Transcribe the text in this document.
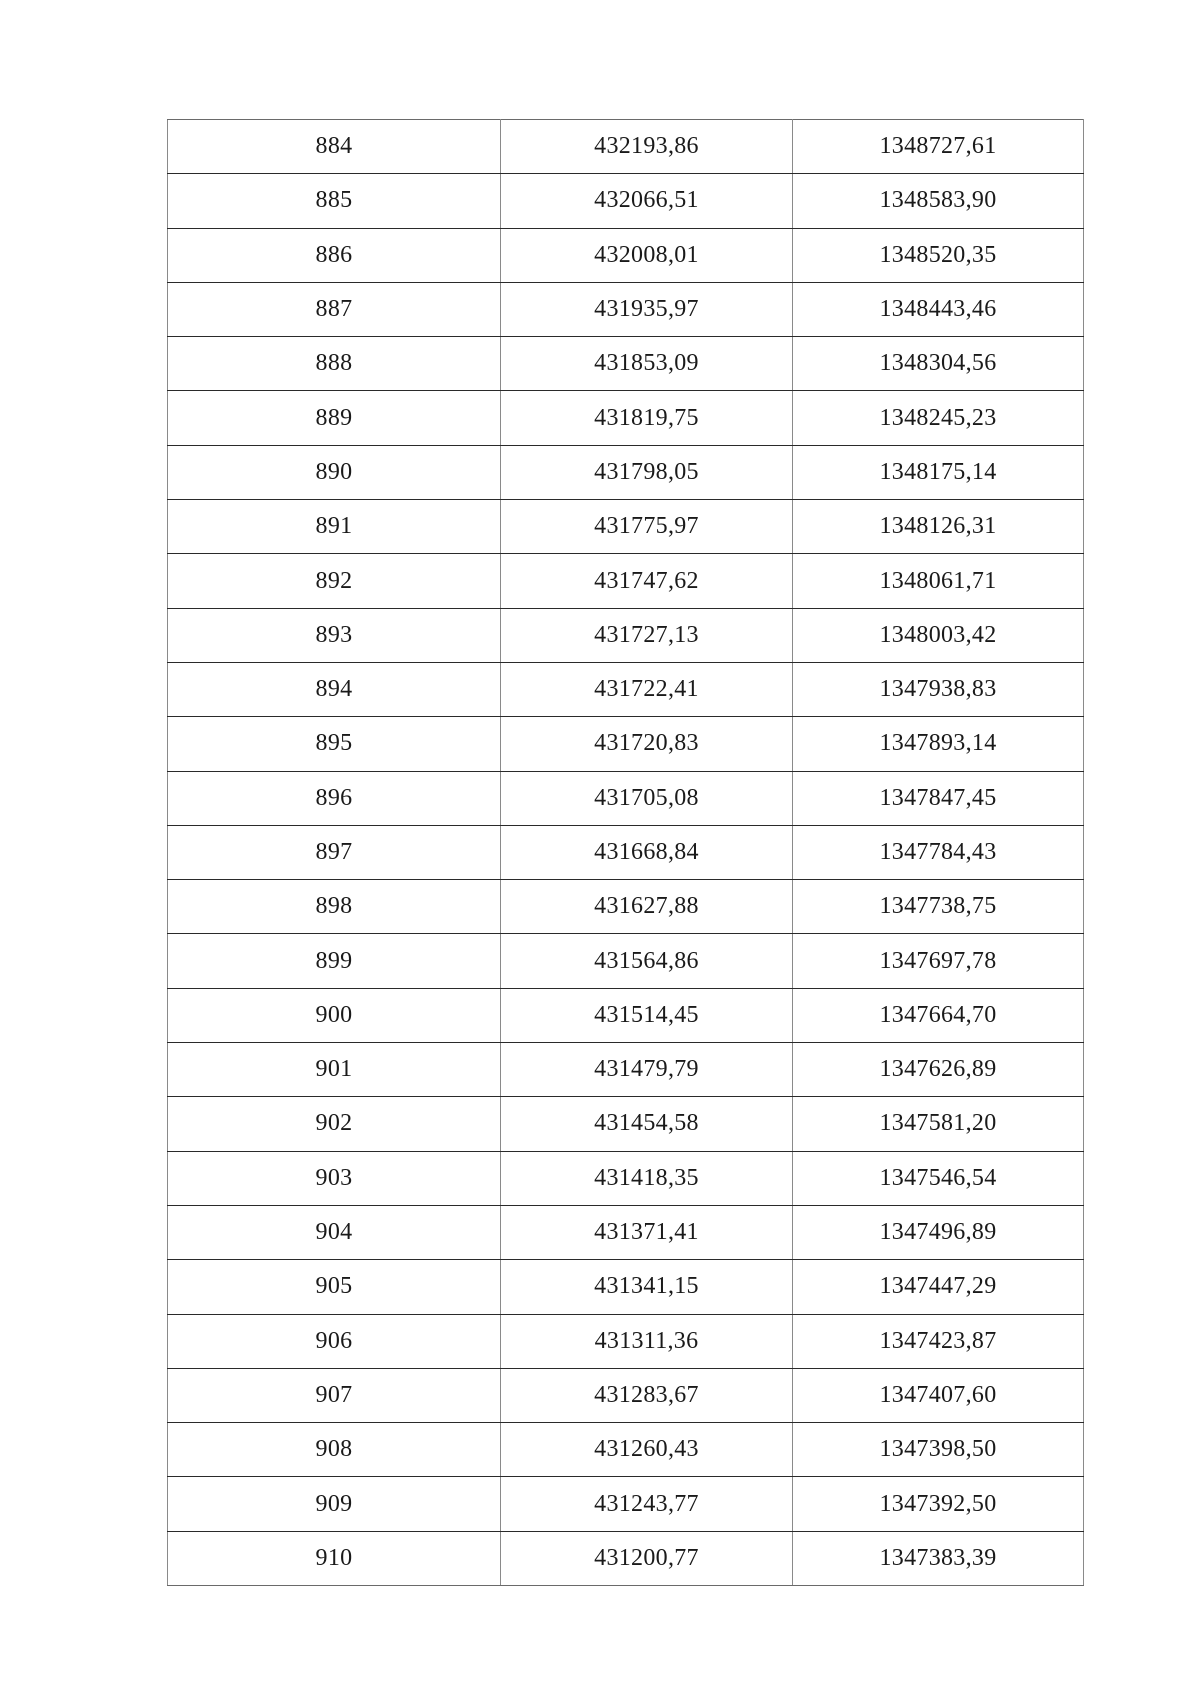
884	432193,86	1348727,61
885	432066,51	1348583,90
886	432008,01	1348520,35
887	431935,97	1348443,46
888	431853,09	1348304,56
889	431819,75	1348245,23
890	431798,05	1348175,14
891	431775,97	1348126,31
892	431747,62	1348061,71
893	431727,13	1348003,42
894	431722,41	1347938,83
895	431720,83	1347893,14
896	431705,08	1347847,45
897	431668,84	1347784,43
898	431627,88	1347738,75
899	431564,86	1347697,78
900	431514,45	1347664,70
901	431479,79	1347626,89
902	431454,58	1347581,20
903	431418,35	1347546,54
904	431371,41	1347496,89
905	431341,15	1347447,29
906	431311,36	1347423,87
907	431283,67	1347407,60
908	431260,43	1347398,50
909	431243,77	1347392,50
910	431200,77	1347383,39
